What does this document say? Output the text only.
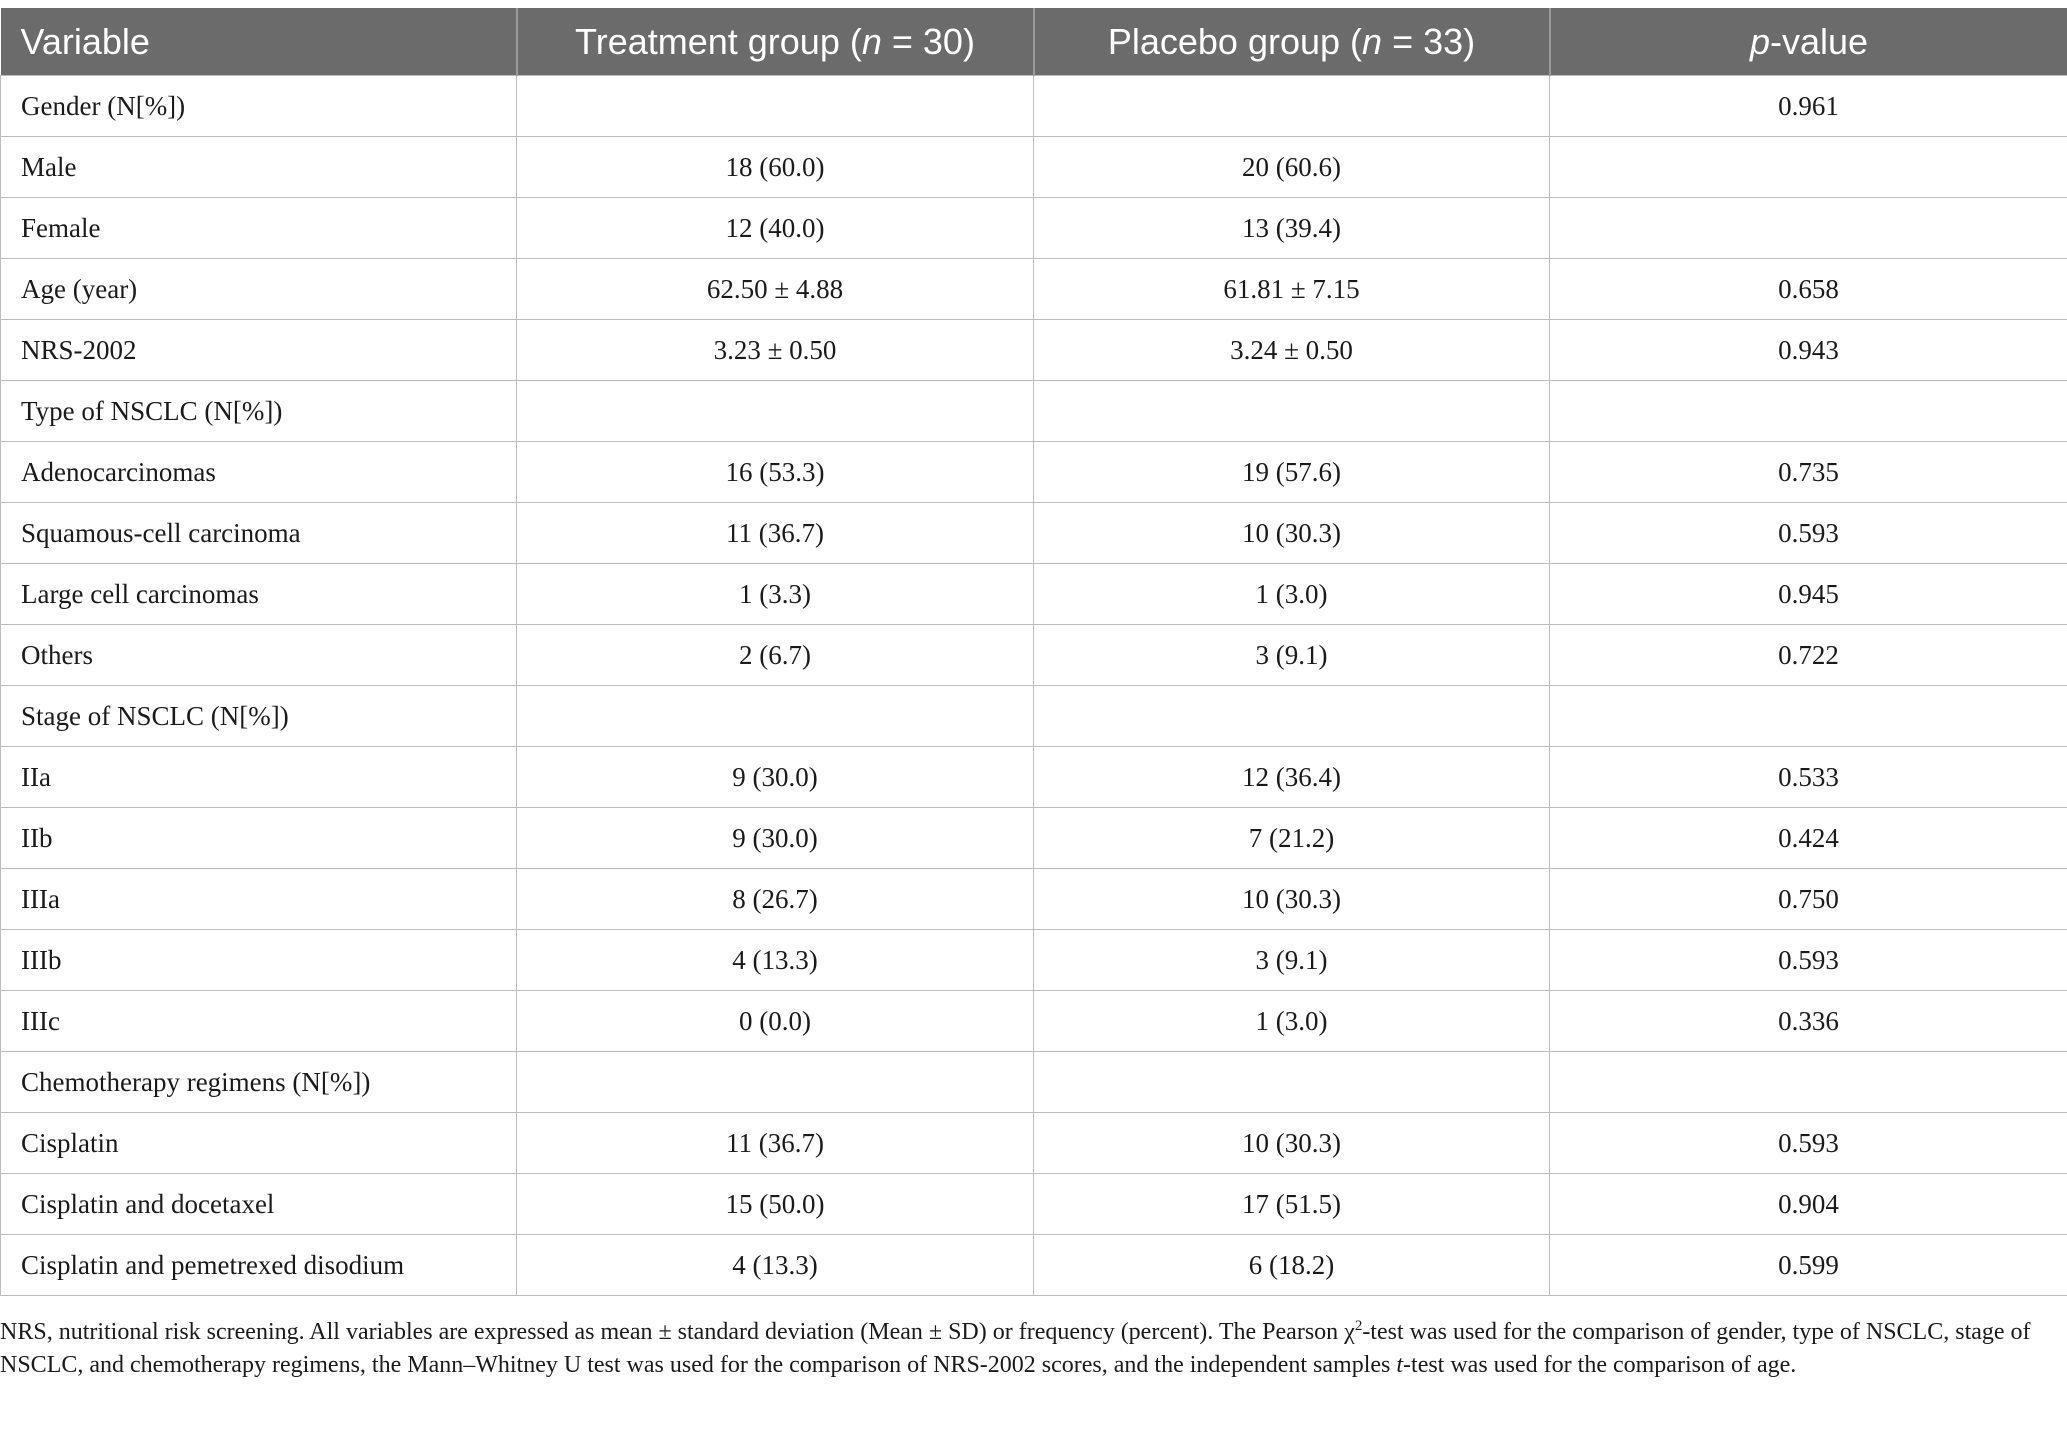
Variable	Treatment group (n = 30)	Placebo group (n = 33)	p-value
Gender (N[%])			0.961
Male	18 (60.0)	20 (60.6)	
Female	12 (40.0)	13 (39.4)	
Age (year)	62.50 ± 4.88	61.81 ± 7.15	0.658
NRS-2002	3.23 ± 0.50	3.24 ± 0.50	0.943
Type of NSCLC (N[%])			
Adenocarcinomas	16 (53.3)	19 (57.6)	0.735
Squamous-cell carcinoma	11 (36.7)	10 (30.3)	0.593
Large cell carcinomas	1 (3.3)	1 (3.0)	0.945
Others	2 (6.7)	3 (9.1)	0.722
Stage of NSCLC (N[%])			
IIa	9 (30.0)	12 (36.4)	0.533
IIb	9 (30.0)	7 (21.2)	0.424
IIIa	8 (26.7)	10 (30.3)	0.750
IIIb	4 (13.3)	3 (9.1)	0.593
IIIc	0 (0.0)	1 (3.0)	0.336
Chemotherapy regimens (N[%])			
Cisplatin	11 (36.7)	10 (30.3)	0.593
Cisplatin and docetaxel	15 (50.0)	17 (51.5)	0.904
Cisplatin and pemetrexed disodium	4 (13.3)	6 (18.2)	0.599
NRS, nutritional risk screening. All variables are expressed as mean ± standard deviation (Mean ± SD) or frequency (percent). The Pearson $\chi^2$-test was used for the comparison of gender, type of NSCLC, stage of NSCLC, and chemotherapy regimens, the Mann–Whitney U test was used for the comparison of NRS-2002 scores, and the independent samples t-test was used for the comparison of age.
